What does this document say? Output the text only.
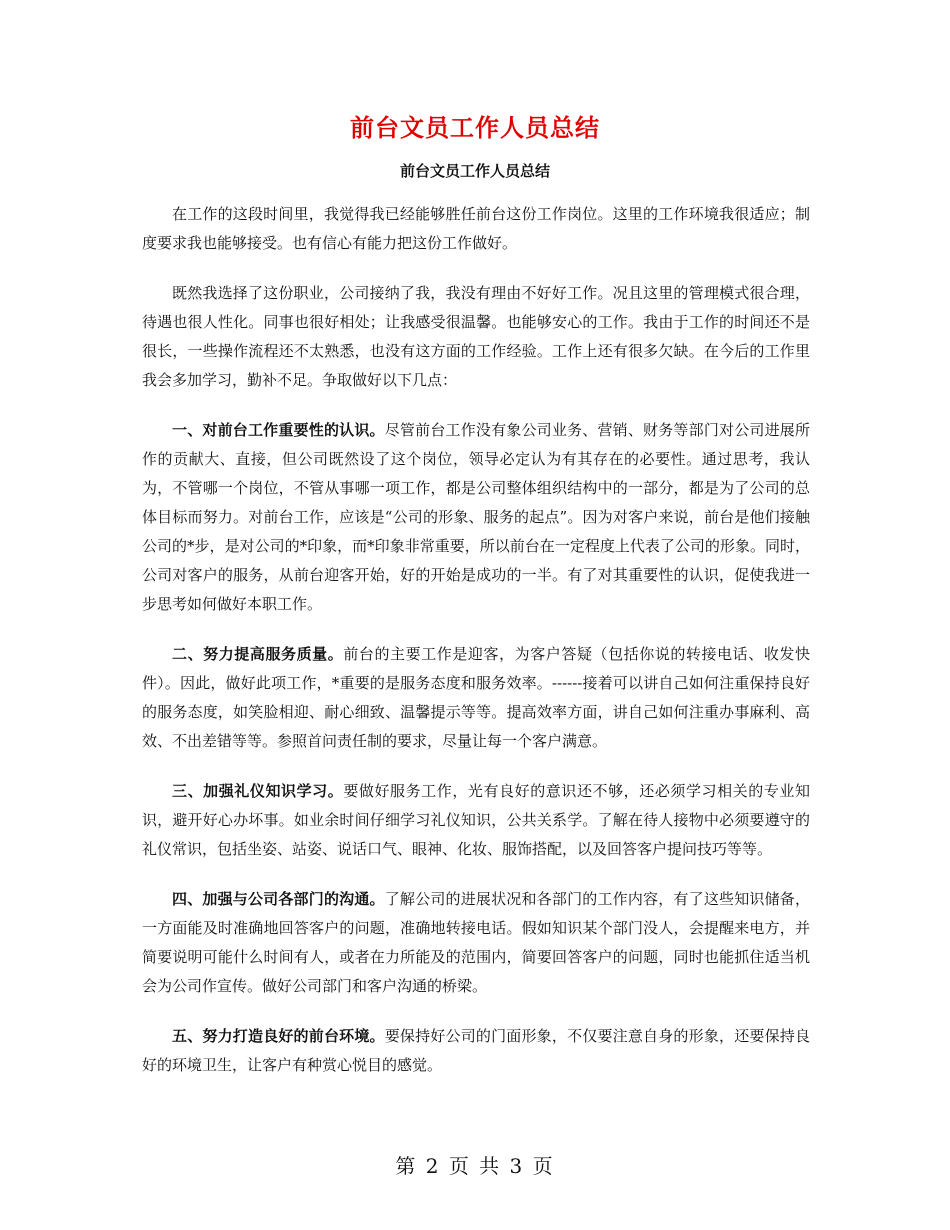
前台文员工作人员总结
前台文员工作人员总结

在工作的这段时间里，我觉得我已经能够胜任前台这份工作岗位。这里的工作环境我很适应；制度要求我也能够接受。也有信心有能力把这份工作做好。

既然我选择了这份职业，公司接纳了我，我没有理由不好好工作。况且这里的管理模式很合理，待遇也很人性化。同事也很好相处；让我感受很温馨。也能够安心的工作。我由于工作的时间还不是很长，一些操作流程还不太熟悉，也没有这方面的工作经验。工作上还有很多欠缺。在今后的工作里我会多加学习，勤补不足。争取做好以下几点：

一、对前台工作重要性的认识。尽管前台工作没有象公司业务、营销、财务等部门对公司进展所作的贡献大、直接，但公司既然设了这个岗位，领导必定认为有其存在的必要性。通过思考，我认为，不管哪一个岗位，不管从事哪一项工作，都是公司整体组织结构中的一部分，都是为了公司的总体目标而努力。对前台工作，应该是“公司的形象、服务的起点”。因为对客户来说，前台是他们接触公司的*步，是对公司的*印象，而*印象非常重要，所以前台在一定程度上代表了公司的形象。同时，公司对客户的服务，从前台迎客开始，好的开始是成功的一半。有了对其重要性的认识，促使我进一步思考如何做好本职工作。

二、努力提高服务质量。前台的主要工作是迎客，为客户答疑（包括你说的转接电话、收发快件）。因此，做好此项工作，*重要的是服务态度和服务效率。------接着可以讲自己如何注重保持良好的服务态度，如笑脸相迎、耐心细致、温馨提示等等。提高效率方面，讲自己如何注重办事麻利、高效、不出差错等等。参照首问责任制的要求，尽量让每一个客户满意。

三、加强礼仪知识学习。要做好服务工作，光有良好的意识还不够，还必须学习相关的专业知识，避开好心办坏事。如业余时间仔细学习礼仪知识，公共关系学。了解在待人接物中必须要遵守的礼仪常识，包括坐姿、站姿、说话口气、眼神、化妆、服饰搭配，以及回答客户提问技巧等等。

四、加强与公司各部门的沟通。了解公司的进展状况和各部门的工作内容，有了这些知识储备，一方面能及时准确地回答客户的问题，准确地转接电话。假如知识某个部门没人，会提醒来电方，并简要说明可能什么时间有人，或者在力所能及的范围内，简要回答客户的问题，同时也能抓住适当机会为公司作宣传。做好公司部门和客户沟通的桥梁。

五、努力打造良好的前台环境。要保持好公司的门面形象，不仅要注意自身的形象，还要保持良好的环境卫生，让客户有种赏心悦目的感觉。

第 2 页 共 3 页
